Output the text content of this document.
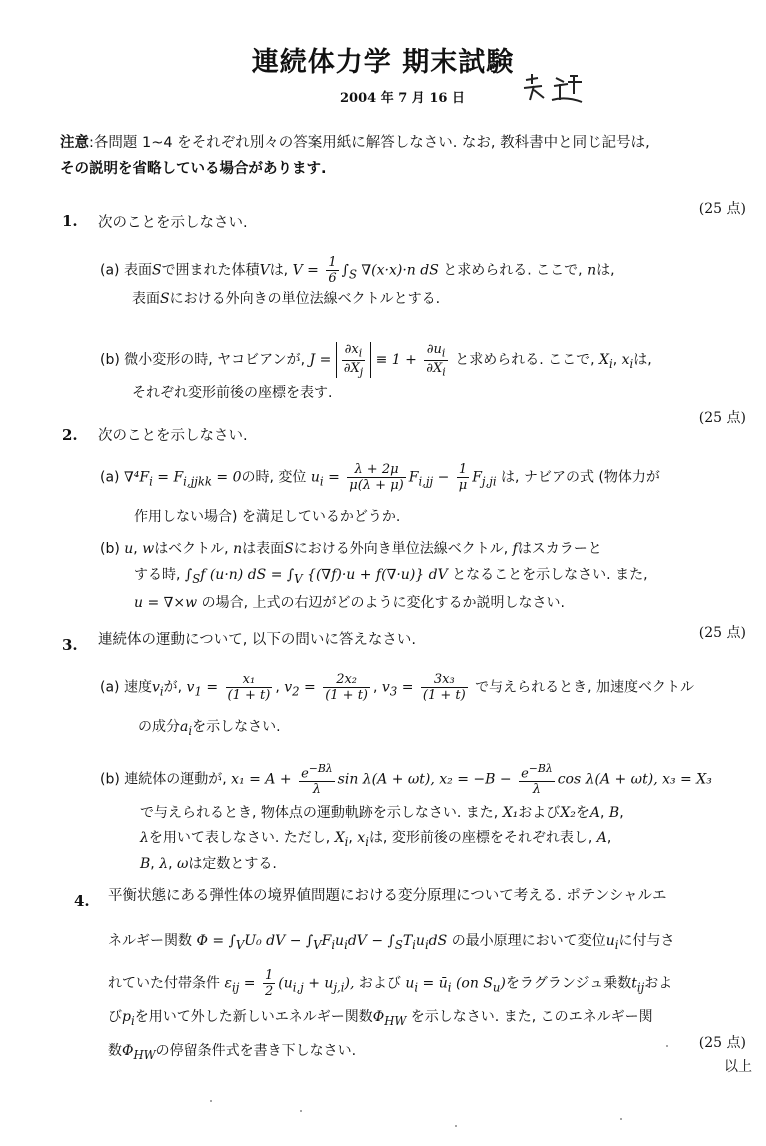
連続体力学 期末試験
2004 年 7 月 16 日
注意:各問題 1~4 をそれぞれ別々の答案用紙に解答しなさい. なお, 教科書中と同じ記号は,
その説明を省略している場合があります.
(25 点)
1. 次のことを示しなさい.
(a) 表面Sで囲まれた体積Vは, $V = \frac{1}{6} \int_S$ ∇(x·x)·n dS と求められる. ここで, nは,
表面Sにおける外向きの単位法線ベクトルとする.
(b) 微小変形の時, ヤコビアンが, $J = \frac{\partial x_i}{\partial X_j} \equiv 1 + \frac{\partial u_i}{\partial X_i}$ と求められる. ここで, $X_i$, $x_i$は,
それぞれ変形前後の座標を表す.
(25 点)
2. 次のことを示しなさい.
(a) $\nabla^4F_i = F_{i,jjkk} = 0$の時, 変位 $u_i = \frac{\lambda + 2\mu}{\mu(\lambda + \mu)} F_{i,jj} - \frac{1}{\mu} F_{j,ji}$ は, ナビアの式 (物体力が
作用しない場合) を満足しているかどうか.
(b) u, wはベクトル, nは表面Sにおける外向き単位法線ベクトル, fはスカラーと
する時, $\int_Sf$ (u·n) dS = $\int_V$ {(∇f)·u + f(∇·u)} dV となることを示しなさい. また,
u = ∇×w の場合, 上式の右辺がどのように変化するか説明しなさい.
(25 点)
3. 連続体の運動について, 以下の問いに答えなさい.
(a) 速度$v_i$が, $v_1 = \frac{\text{x₁}}{(1 + t)}$ , $v_2 = \frac{\text{2x₂}}{(1 + t)}$ , $v_3 = \frac{\text{3x₃}}{(1 + t)}$ で与えられるとき, 加速度ベクトル
の成分$a_i$を示しなさい.
(b) 連続体の運動が, $x_1 = A + \frac{e^{-B\lambda}}{\lambda}$ sin λ(A + ωt), $x_2 = -B - \frac{e^{-B\lambda}}{\lambda}$ cos λ(A + ωt), x₃ = X₃
で与えられるとき, 物体点の運動軌跡を示しなさい. また, X₁およびX₂をA, B,
λを用いて表しなさい. ただし, $X_i$, $x_i$は, 変形前後の座標をそれぞれ表し, A,
B, λ, ωは定数とする.
4. 平衡状態にある弾性体の境界値問題における変分原理について考える. ポテンシャルエ
ネルギー関数 $\Phi = \int_VU_0$ dV − $\int_VF_iu_idV - \int_ST_iu_idS$ の最小原理において変位$u_i$に付与さ
れていた付帯条件 $\varepsilon_{ij} = \frac{1}{2} (u_{i,j} + u_{j,i})$, および $u_i$ = $ū_i$ (on $S_u$)をラグランジュ乗数$t_{ij}$およ
び$p_i$を用いて外した新しいエネルギー関数$\Phi_{HW}$ を示しなさい. また, このエネルギー関
(25 点)
数$\Phi_{HW}$の停留条件式を書き下しなさい.
以上
